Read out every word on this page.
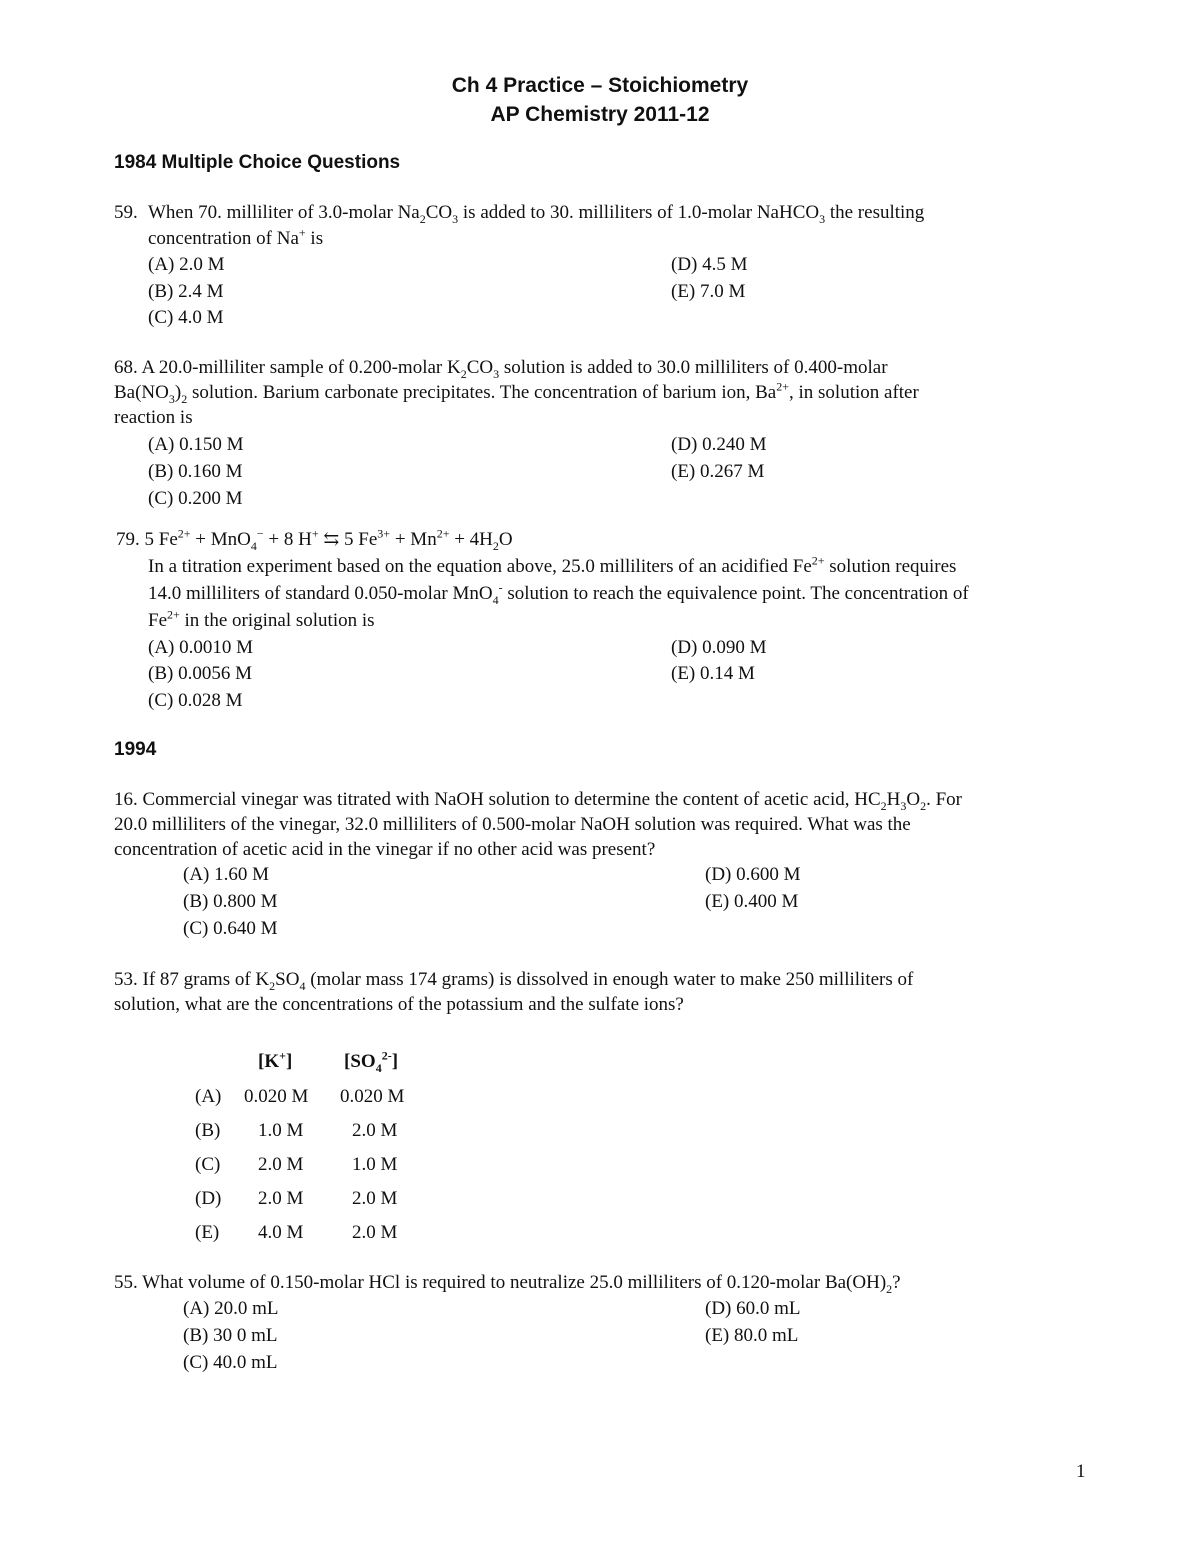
Ch 4 Practice – Stoichiometry
AP Chemistry 2011-12
1984 Multiple Choice Questions
59. When 70. milliliter of 3.0-molar $Na_2CO_3$ is added to 30. milliliters of 1.0-molar NaHCO$_3$ the resulting
concentration of Na+ is
(A) 2.0 M
(B) 2.4 M
(C) 4.0 M
(D) 4.5 M
(E) 7.0 M
68. A 20.0-milliliter sample of 0.200-molar $K_2CO_3$ solution is added to 30.0 milliliters of 0.400-molar
$Ba(NO_3)_2$ solution. Barium carbonate precipitates. The concentration of barium ion, $Ba^{2+}$, in solution after
reaction is
(A) 0.150 M
(B) 0.160 M
(C) 0.200 M
(D) 0.240 M
(E) 0.267 M
79. 5 $Fe^{2+} + MnO_4^- + 8$ H+ ⇆ 5 $Fe^{3+} + Mn^{2+} + 4H_2O$
In a titration experiment based on the equation above, 25.0 milliliters of an acidified $Fe^{2+}$ solution requires
14.0 milliliters of standard 0.050-molar MnO$_4$- solution to reach the equivalence point. The concentration of
$Fe^{2+}$ in the original solution is
(A) 0.0010 M
(B) 0.0056 M
(C) 0.028 M
(D) 0.090 M
(E) 0.14 M
1994
16. Commercial vinegar was titrated with NaOH solution to determine the content of acetic acid, $HC_2H_3O_2$. For
20.0 milliliters of the vinegar, 32.0 milliliters of 0.500-molar NaOH solution was required. What was the
concentration of acetic acid in the vinegar if no other acid was present?
(A) 1.60 M
(B) 0.800 M
(C) 0.640 M
(D) 0.600 M
(E) 0.400 M
53. If 87 grams of $K_2SO_4$ (molar mass 174 grams) is dissolved in enough water to make 250 milliliters of
solution, what are the concentrations of the potassium and the sulfate ions?
[K+]	$[SO_4^{2-}]$
(A) 0.020 M 0.020 M
(B) 1.0 M	2.0 M
(C) 2.0 M	1.0 M
(D) 2.0 M	2.0 M
(E) 4.0 M	2.0 M
55. What volume of 0.150-molar HCl is required to neutralize 25.0 milliliters of 0.120-molar $Ba(OH)_2$?
(A) 20.0 mL
(B) 30 0 mL
(C) 40.0 mL
(D) 60.0 mL
(E) 80.0 mL
1
